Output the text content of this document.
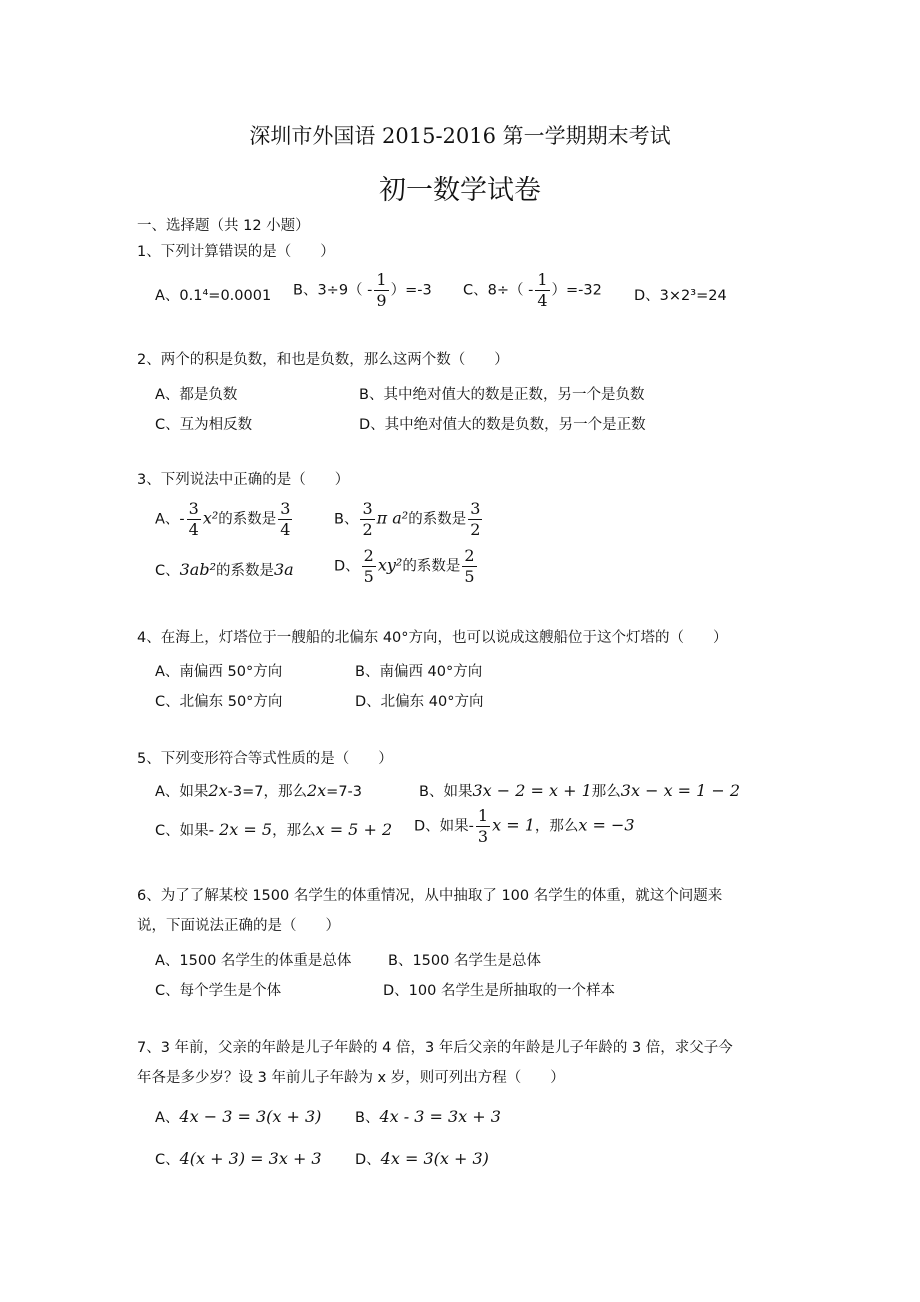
深圳市外国语 2015-2016 第一学期期末考试
初一数学试卷
一、选择题（共 12 小题）
1、下列计算错误的是（　　）
A、0.1⁴=0.0001 B、$3\div 9( - \frac{1}{9} )=-3$ C、$8\div( - \frac{1}{4} )=-32$ D、3×2³=24
2、两个的积是负数，和也是负数，那么这两个数（　　）
A、都是负数	B、其中绝对值大的数是正数，另一个是负数
C、互为相反数	D、其中绝对值大的数是负数，另一个是正数
3、下列说法中正确的是（　　）
A、- $\frac{3}{4} x^2$的系数是 $\frac{3}{4}$	B、 $\frac{3}{2}$ π a²的系数是 $\frac{3}{2}$
C、3ab²的系数是3a	D、 $\frac{2}{5} xy^2$的系数是 $\frac{2}{5}$
4、在海上，灯塔位于一艘船的北偏东 40°方向，也可以说成这艘船位于这个灯塔的（　　）
A、南偏西 50°方向	B、南偏西 40°方向
C、北偏东 50°方向	D、北偏东 40°方向
5、下列变形符合等式性质的是（　　）
A、如果2x-3=7，那么2x=7-3	B、如果3x − 2 = x + 1那么3x − x = 1 − 2
C、如果- 2x = 5，那么x = 5 + 2 D、如果- $\frac{1}{3}$ x = 1，那么x = −3
6、为了了解某校 1500 名学生的体重情况，从中抽取了 100 名学生的体重，就这个问题来
说，下面说法正确的是（　　）
A、1500 名学生的体重是总体	B、1500 名学生是总体
C、每个学生是个体	D、100 名学生是所抽取的一个样本
7、3 年前，父亲的年龄是儿子年龄的 4 倍，3 年后父亲的年龄是儿子年龄的 3 倍，求父子今
年各是多少岁？设 3 年前儿子年龄为 x 岁，则可列出方程（　　）
A、4x − 3 = 3(x + 3) B、4x - 3 = 3x + 3
C、4(x + 3) = 3x + 3 D、4x = 3(x + 3)
